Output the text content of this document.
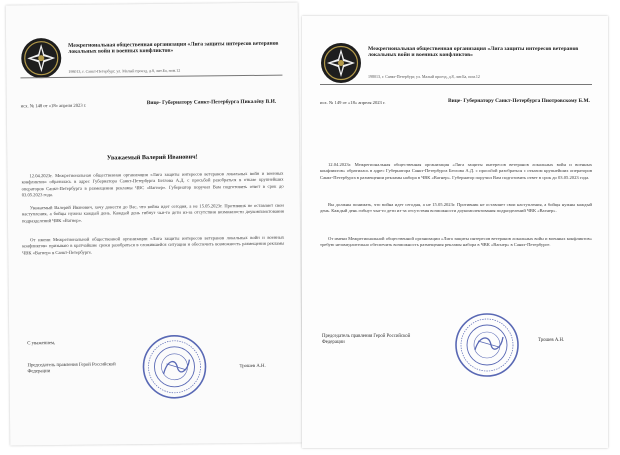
Межрегиональная общественная организация «Лига защиты интересов ветеранов локальных войн и военных конфликтов»
198013, г. Санкт-Петербург, ул. Малый проезд, д.8, лит.Ба, пом.12
исх. № 148 от «18» апреля 2023 г.	Вице- Губернатору Санкт-Петербурга Пикалёву В.И.
Уважаемый Валерий Иванович!
12.04.2023г. Межрегиональная общественная организация «Лига защиты интересов ветеранов локальных войн и военных конфликтов» обратилась в адрес Губернатора Санкт-Петербурга Беглова А.Д. с просьбой разобраться в отказе крупнейших операторов Санкт-Петербурга в размещении рекламы ЧВС «Вагнер». Губернатор поручил Вам подготовить ответ в срок до 03.05.2023 года.
Уважаемый Валерий Иванович, хочу донести до Вас, что война идет сегодня, а не 15.05.2023г. Противник не оставляет свои наступления, а бойцы нужны каждый день. Каждый день гибнут чьи-то дети из-за отсутствия возможности доукомплектования подразделений ЧВК «Вагнер».
От имени Межрегиональной общественной организации «Лига защиты интересов ветеранов локальных войн и военных конфликтов» призываю в кратчайшие сроки разобраться в сложившейся ситуации и обеспечить возможность размещения рекламы ЧВК «Вагнер» в Санкт-Петербурге.
С уважением,
Председатель правления Герой Российской Федерации
Трошев А.Н.
Межрегиональная общественная организация «Лига защиты интересов ветеранов локальных войн и военных конфликтов»
198013, г. Санкт-Петербург, ул. Малый проезд, д.8, лит.Ба, пом.12
исх. № 149 от «18» апреля 2023 г.	Вице- Губернатору Санкт-Петербурга Пиотровскому Б.М.
12.04.2023г. Межрегиональная общественная организация «Лига защиты интересов ветеранов локальных войн и военных конфликтов» обратилась в адрес Губернатора Санкт-Петербурга Беглова А.Д. с просьбой разобраться с отказом крупнейших операторов Санкт-Петербурга в размещении рекламы набора в ЧВК «Вагнер». Губернатор поручил Вам подготовить ответ в срок до 03.05.2023 года.
Вы должны понимать, что война идет сегодня, а не 15.05.2023г. Противник не оставляет свои наступления, а бойцы нужны каждый день. Каждый день гибнут чьи-то дети из-за отсутствия возможности доукомплектования подразделений ЧВК «Вагнер».
От имени Межрегиональной общественной организации «Лига защиты интересов ветеранов локальных войн и военных конфликтов» требую незамедлительно обеспечить возможность размещения рекламы набора в ЧВК «Вагнер» в Санкт-Петербурге.
Председатель правления Герой Российской Федерации	Трошев А.Н.
